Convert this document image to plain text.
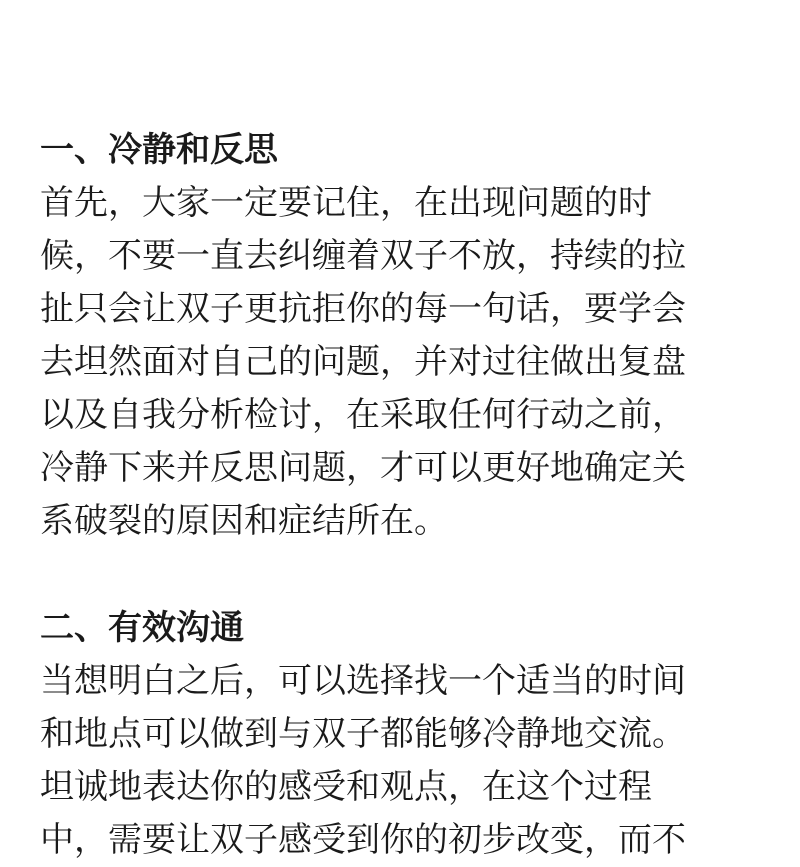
一、冷静和反思
首先，大家一定要记住，在出现问题的时
候，不要一直去纠缠着双子不放，持续的拉
扯只会让双子更抗拒你的每一句话，要学会
去坦然面对自己的问题，并对过往做出复盘
以及自我分析检讨，在采取任何行动之前，
冷静下来并反思问题，才可以更好地确定关
系破裂的原因和症结所在。
二、有效沟通
当想明白之后，可以选择找一个适当的时间
和地点可以做到与双子都能够冷静地交流。
坦诚地表达你的感受和观点，在这个过程
中，需要让双子感受到你的初步改变，而不
